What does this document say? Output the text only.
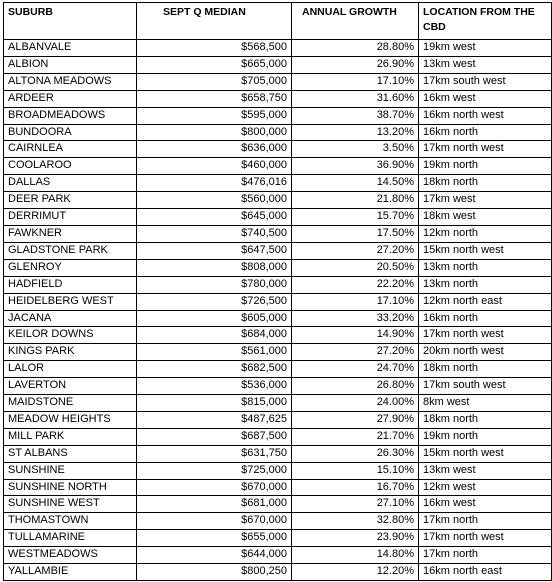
SUBURB	SEPT Q MEDIAN	ANNUAL GROWTH	LOCATION FROM THE CBD
ALBANVALE	$568,500	28.80%	19km west
ALBION	$665,000	26.90%	13km west
ALTONA MEADOWS	$705,000	17.10%	17km south west
ARDEER	$658,750	31.60%	16km west
BROADMEADOWS	$595,000	38.70%	16km north west
BUNDOORA	$800,000	13.20%	16km north
CAIRNLEA	$636,000	3.50%	17km north west
COOLAROO	$460,000	36.90%	19km north
DALLAS	$476,016	14.50%	18km north
DEER PARK	$560,000	21.80%	17km west
DERRIMUT	$645,000	15.70%	18km west
FAWKNER	$740,500	17.50%	12km north
GLADSTONE PARK	$647,500	27.20%	15km north west
GLENROY	$808,000	20.50%	13km north
HADFIELD	$780,000	22.20%	13km north
HEIDELBERG WEST	$726,500	17.10%	12km north east
JACANA	$605,000	33.20%	16km north
KEILOR DOWNS	$684,000	14.90%	17km north west
KINGS PARK	$561,000	27.20%	20km north west
LALOR	$682,500	24.70%	18km north
LAVERTON	$536,000	26.80%	17km south west
MAIDSTONE	$815,000	24.00%	8km west
MEADOW HEIGHTS	$487,625	27.90%	18km north
MILL PARK	$687,500	21.70%	19km north
ST ALBANS	$631,750	26.30%	15km north west
SUNSHINE	$725,000	15.10%	13km west
SUNSHINE NORTH	$670,000	16.70%	12km west
SUNSHINE WEST	$681,000	27.10%	16km west
THOMASTOWN	$670,000	32.80%	17km north
TULLAMARINE	$655,000	23.90%	17km north west
WESTMEADOWS	$644,000	14.80%	17km north
YALLAMBIE	$800,250	12.20%	16km north east
